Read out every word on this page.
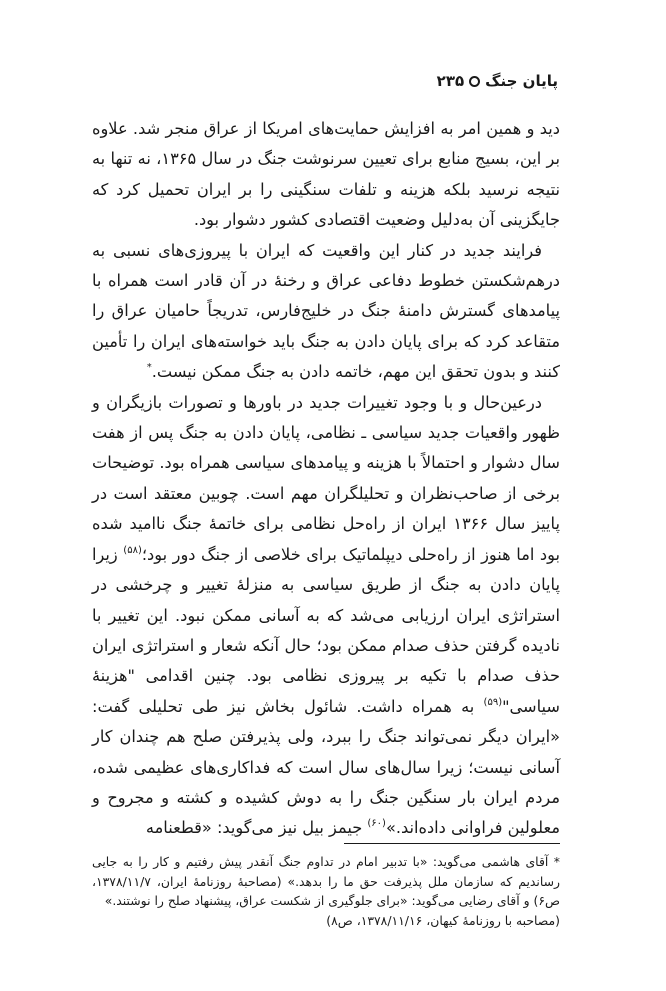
پایان جنگ
۲۳۵

دید و همین امر به افزایش حمایت‌های امریکا از عراق منجر شد. علاوه بر این، بسیج منابع برای تعیین سرنوشت جنگ در سال ۱۳۶۵، نه تنها به نتیجه نرسید بلکه هزینه و تلفات سنگینی را بر ایران تحمیل کرد که جایگزینی آن به‌دلیل وضعیت اقتصادی کشور دشوار بود.

فرایند جدید در کنار این واقعیت که ایران با پیروزی‌های نسبی به درهم‌شکستن خطوط دفاعی عراق و رخنهٔ در آن قادر است همراه با پیامدهای گسترش دامنهٔ جنگ در خلیج‌فارس، تدریجاً حامیان عراق را متقاعد کرد که برای پایان دادن به جنگ باید خواسته‌های ایران را تأمین کنند و بدون تحقق این مهم، خاتمه دادن به جنگ ممکن نیست.*

درعین‌حال و با وجود تغییرات جدید در باورها و تصورات بازیگران و ظهور واقعیات جدید سیاسی ـ نظامی، پایان دادن به جنگ پس از هفت سال دشوار و احتمالاً با هزینه و پیامدهای سیاسی همراه بود. توضیحات برخی از صاحب‌نظران و تحلیلگران مهم است. چوبین معتقد است در پاییز سال ۱۳۶۶ ایران از راه‌حل نظامی برای خاتمهٔ جنگ ناامید شده بود اما هنوز از راه‌حلی دیپلماتیک برای خلاصی از جنگ دور بود؛$^{(۵۸)}$ زیرا پایان دادن به جنگ از طریق سیاسی به منزلهٔ تغییر و چرخشی در استراتژی ایران ارزیابی می‌شد که به آسانی ممکن نبود. این تغییر با نادیده گرفتن حذف صدام ممکن بود؛ حال آنکه شعار و استراتژی ایران حذف صدام با تکیه بر پیروزی نظامی بود. چنین اقدامی "هزینهٔ سیاسی"$^{(۵۹)}$ به همراه داشت. شائول بخاش نیز طی تحلیلی گفت: «ایران دیگر نمی‌تواند جنگ را ببرد، ولی پذیرفتن صلح هم چندان کار آسانی نیست؛ زیرا سال‌های سال است که فداکاری‌های عظیمی شده، مردم ایران بار سنگین جنگ را به دوش کشیده و کشته و مجروح و معلولین فراوانی داده‌اند.»$^{(۶۰)}$ جیمز بیل نیز می‌گوید: «قطعنامه

* آقای هاشمی می‌گوید: «با تدبیر امام در تداوم جنگ آنقدر پیش رفتیم و کار را به جایی رساندیم که سازمان ملل پذیرفت حق ما را بدهد.» (مصاحبهٔ روزنامهٔ ایران، ۱۳۷۸/۱۱/۷، ص۶) و آقای رضایی می‌گوید: «برای جلوگیری از شکست عراق، پیشنهاد صلح را نوشتند.»

(مصاحبه با روزنامهٔ کیهان، ۱۳۷۸/۱۱/۱۶، ص۸)
